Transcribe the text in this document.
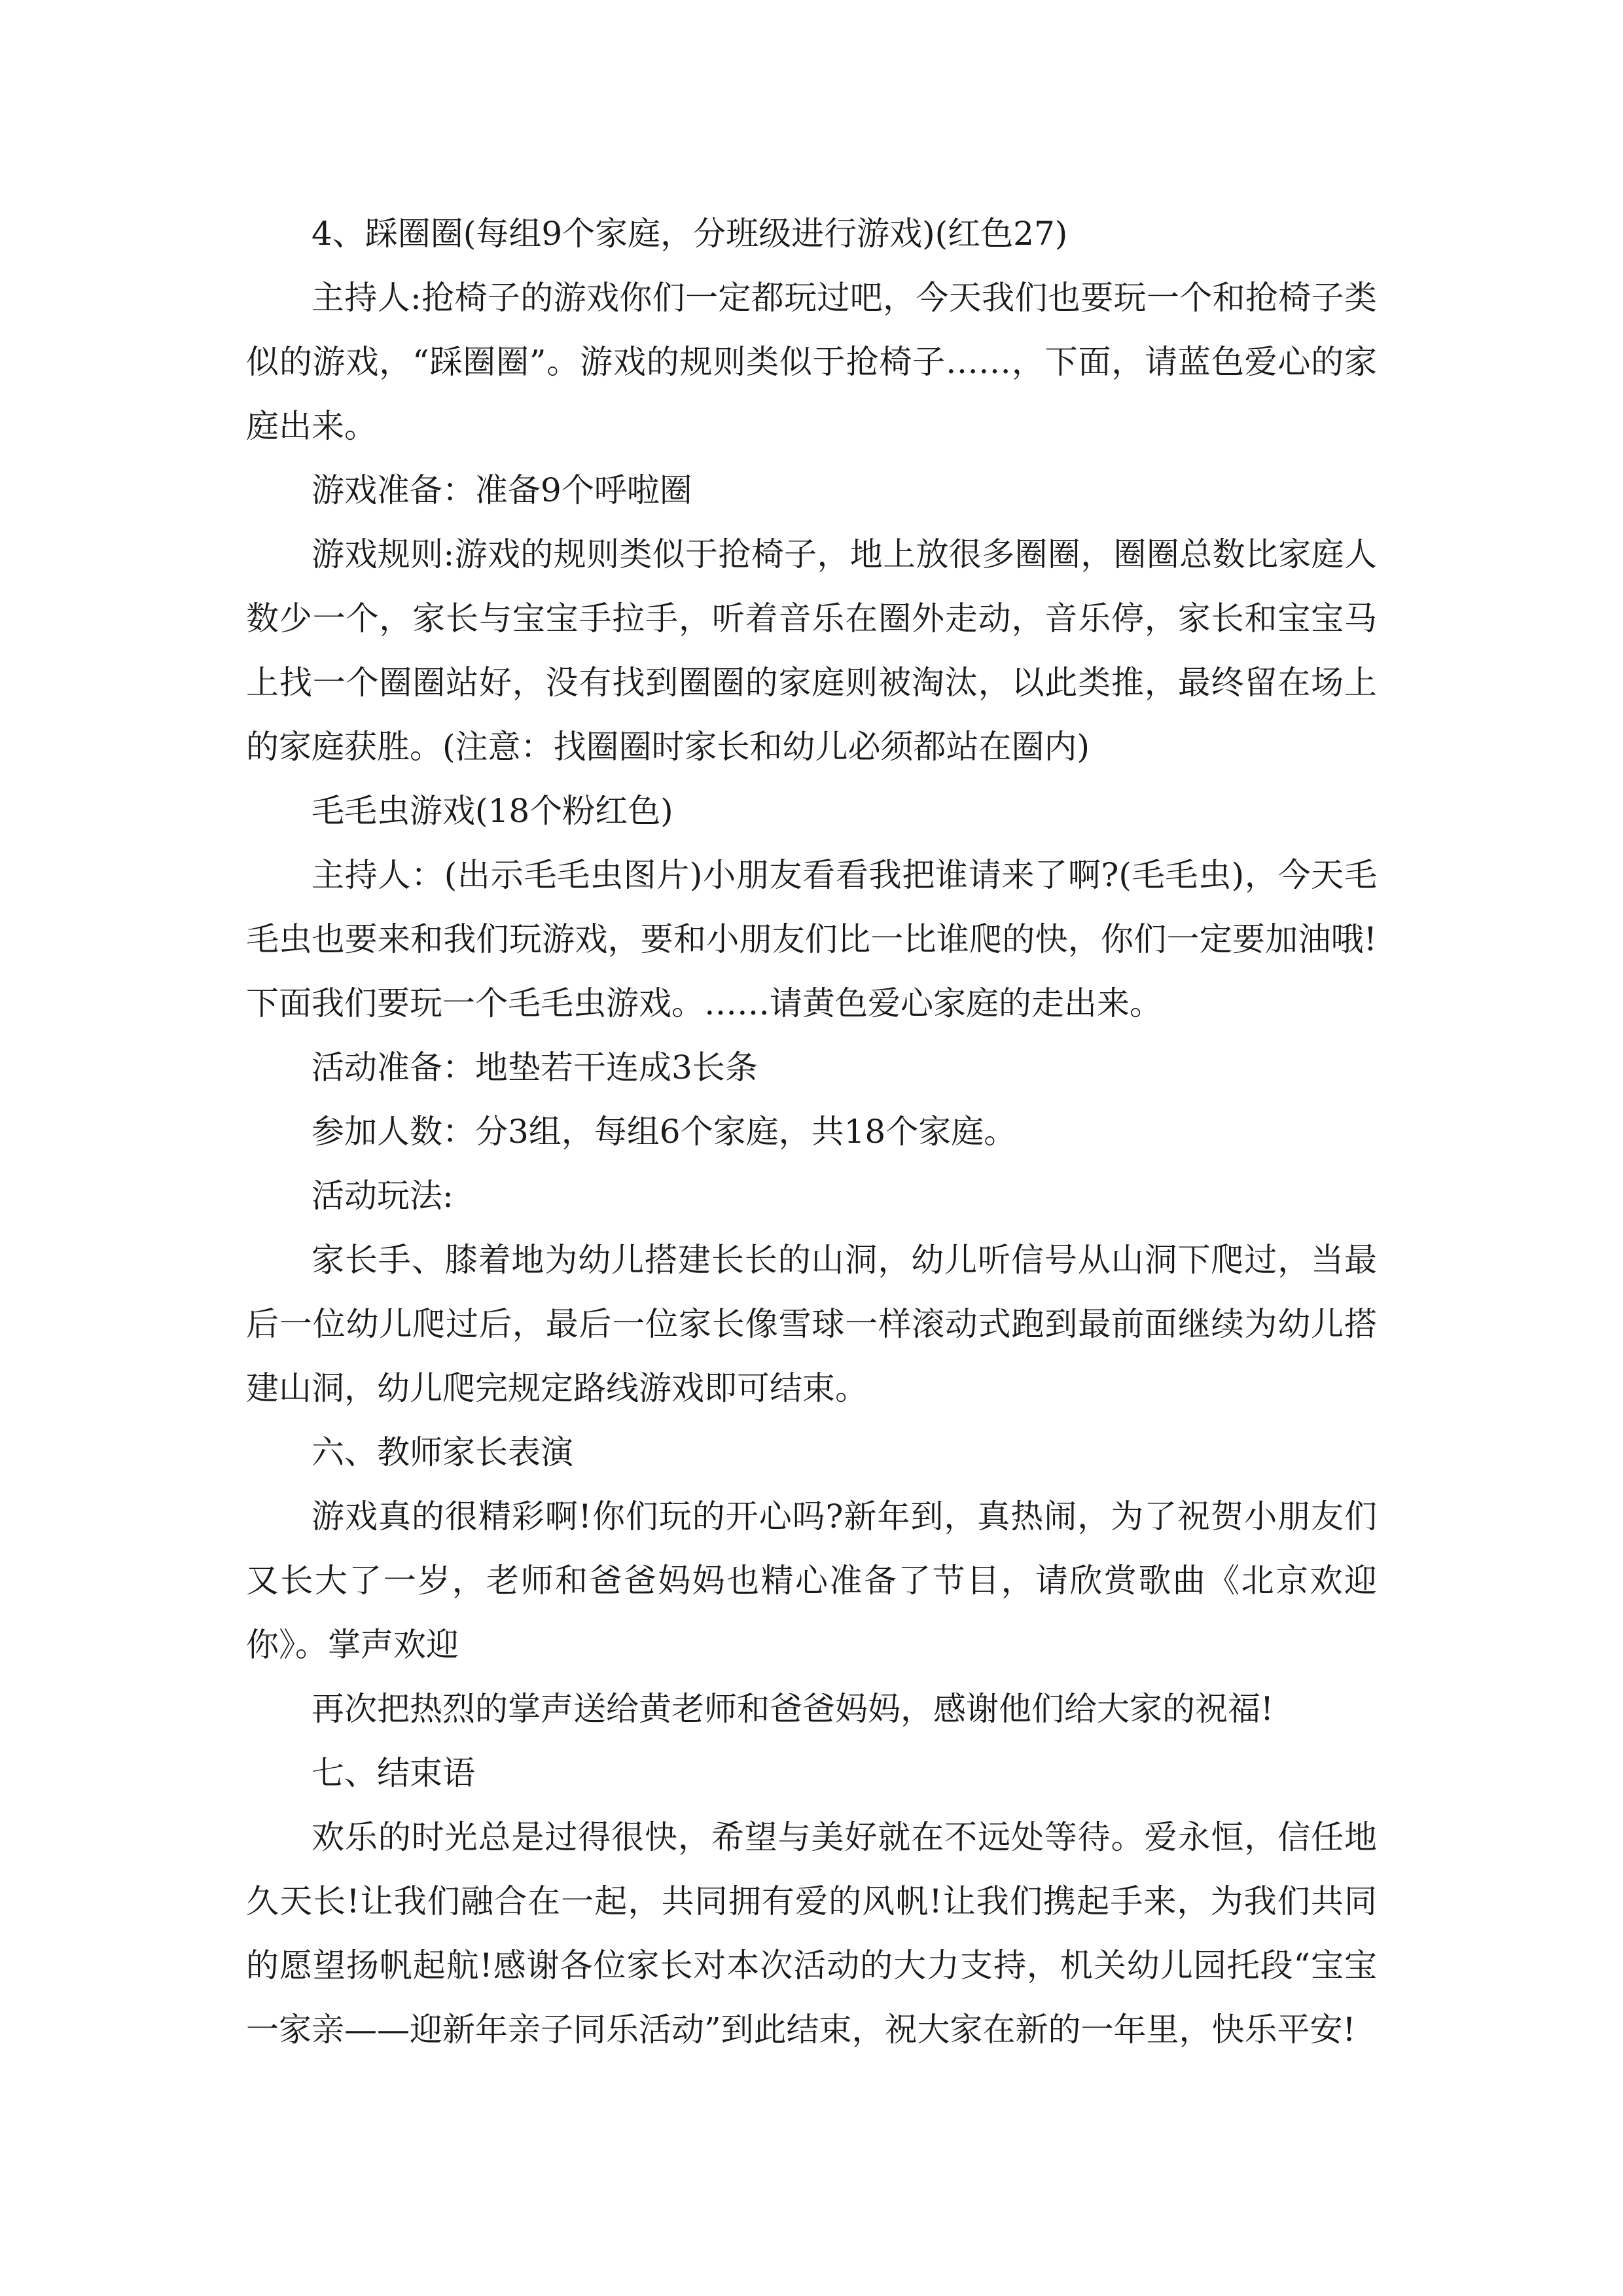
4、踩圈圈(每组9个家庭，分班级进行游戏)(红色27)

主持人:抢椅子的游戏你们一定都玩过吧，今天我们也要玩一个和抢椅子类似的游戏，“踩圈圈”。游戏的规则类似于抢椅子……，下面，请蓝色爱心的家庭出来。

游戏准备：准备9个呼啦圈

游戏规则:游戏的规则类似于抢椅子，地上放很多圈圈，圈圈总数比家庭人数少一个，家长与宝宝手拉手，听着音乐在圈外走动，音乐停，家长和宝宝马上找一个圈圈站好，没有找到圈圈的家庭则被淘汰，以此类推，最终留在场上的家庭获胜。(注意：找圈圈时家长和幼儿必须都站在圈内)

毛毛虫游戏(18个粉红色)

主持人：(出示毛毛虫图片)小朋友看看我把谁请来了啊?(毛毛虫)，今天毛毛虫也要来和我们玩游戏，要和小朋友们比一比谁爬的快，你们一定要加油哦!下面我们要玩一个毛毛虫游戏。……请黄色爱心家庭的走出来。

活动准备：地垫若干连成3长条

参加人数：分3组，每组6个家庭，共18个家庭。

活动玩法:

家长手、膝着地为幼儿搭建长长的山洞，幼儿听信号从山洞下爬过，当最后一位幼儿爬过后，最后一位家长像雪球一样滚动式跑到最前面继续为幼儿搭建山洞，幼儿爬完规定路线游戏即可结束。

六、教师家长表演

游戏真的很精彩啊!你们玩的开心吗?新年到，真热闹，为了祝贺小朋友们又长大了一岁，老师和爸爸妈妈也精心准备了节目，请欣赏歌曲《北京欢迎你》。掌声欢迎

再次把热烈的掌声送给黄老师和爸爸妈妈，感谢他们给大家的祝福!

七、结束语

欢乐的时光总是过得很快，希望与美好就在不远处等待。爱永恒，信任地久天长!让我们融合在一起，共同拥有爱的风帆!让我们携起手来，为我们共同的愿望扬帆起航!感谢各位家长对本次活动的大力支持，机关幼儿园托段“宝宝一家亲——迎新年亲子同乐活动”到此结束，祝大家在新的一年里，快乐平安!
